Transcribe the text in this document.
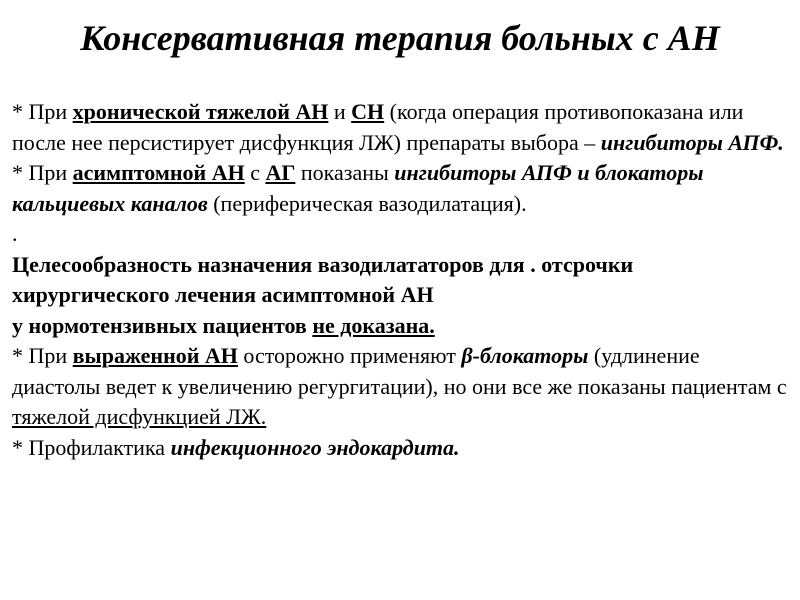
Консервативная терапия больных с АН

* При хронической тяжелой АН и СН (когда операция противопоказана или после нее персистирует дисфункция ЛЖ) препараты выбора – ингибиторы АПФ.

* При асимптомной АН с АГ показаны ингибиторы АПФ и блокаторы кальциевых каналов (периферическая вазодилатация).

.

Целесообразность назначения вазодилататоров для . отсрочки хирургического лечения асимптомной АН
у нормотензивных пациентов не доказана.

* При выраженной АН осторожно применяют β-блокаторы (удлинение диастолы ведет к увеличению регургитации), но они все же показаны пациентам с тяжелой дисфункцией ЛЖ.

* Профилактика инфекционного эндокардита.
